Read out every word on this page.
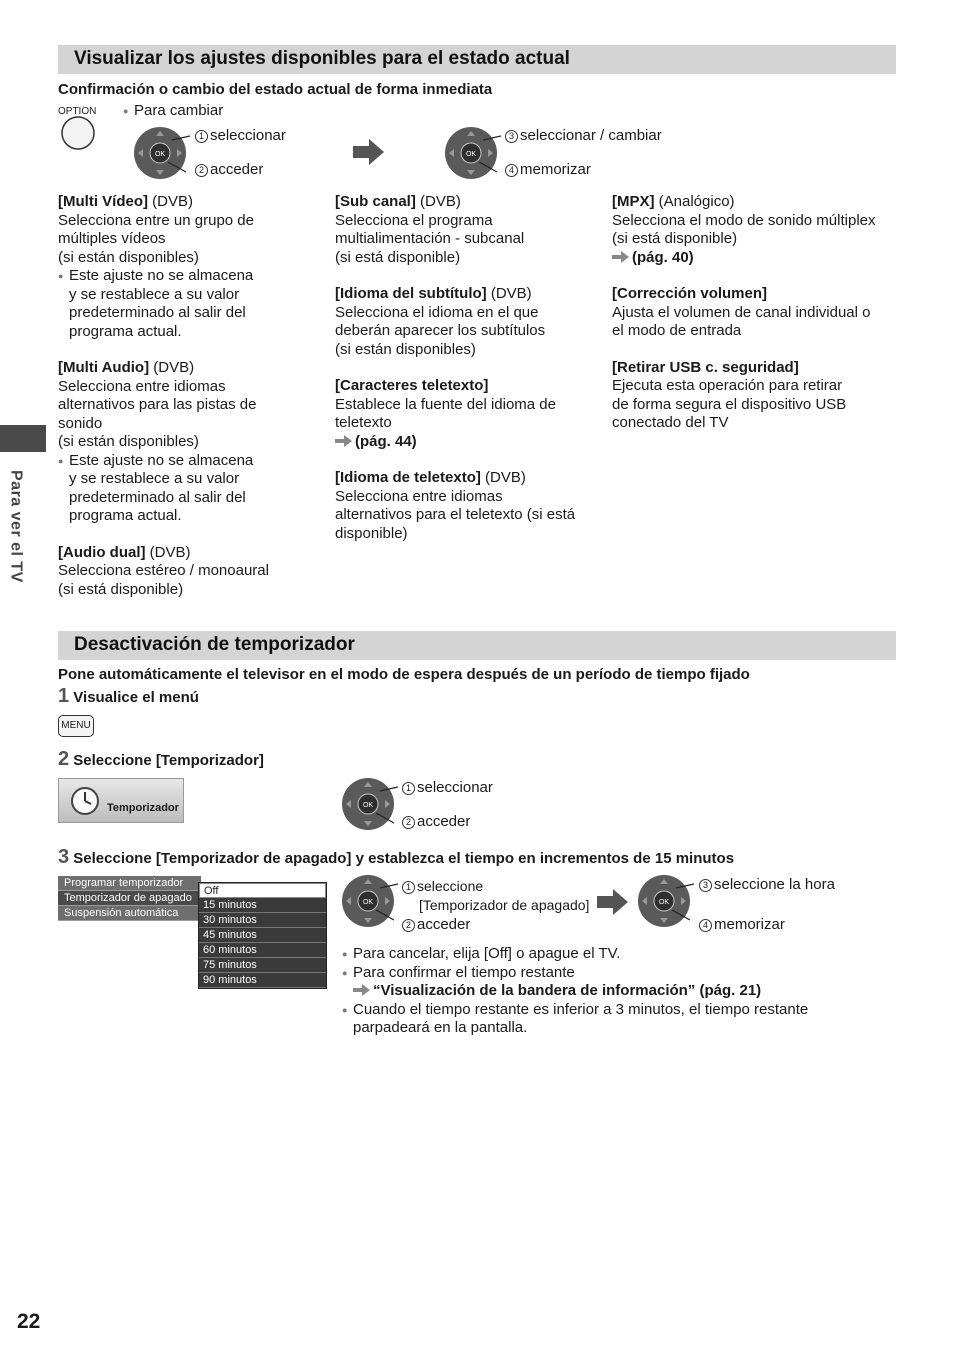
Visualizar los ajustes disponibles para el estado actual
Confirmación o cambio del estado actual de forma inmediata
OPTION
●	Para cambiar
OK
1 seleccionar
2 acceder
OK
3 seleccionar / cambiar
4 memorizar

[Multi Vídeo] (DVB)

Selecciona entre un grupo de

múltiples vídeos

(si están disponibles)

● Este ajuste no se almacena

y se restablece a su valor

predeterminado al salir del

programa actual.

[Multi Audio] (DVB)

Selecciona entre idiomas

alternativos para las pistas de

sonido

(si están disponibles)

● Este ajuste no se almacena

y se restablece a su valor

predeterminado al salir del

programa actual.

[Audio dual] (DVB)

Selecciona estéreo / monoaural

(si está disponible)

[Sub canal] (DVB)

Selecciona el programa

multialimentación - subcanal

(si está disponible)

[Idioma del subtítulo] (DVB)

Selecciona el idioma en el que

deberán aparecer los subtítulos

(si están disponibles)

[Caracteres teletexto]

Establece la fuente del idioma de

teletexto

(pág. 44)

[Idioma de teletexto] (DVB)

Selecciona entre idiomas

alternativos para el teletexto (si está

disponible)

[MPX] (Analógico)

Selecciona el modo de sonido múltiplex

(si está disponible)

(pág. 40)

[Corrección volumen]

Ajusta el volumen de canal individual o

el modo de entrada

[Retirar USB c. seguridad]

Ejecuta esta operación para retirar

de forma segura el dispositivo USB

conectado del TV

Para ver el TV
Desactivación de temporizador
Pone automáticamente el televisor en el modo de espera después de un período de tiempo fijado
1 Visualice el menú
MENU
2 Seleccione [Temporizador]
Temporizador	OK
1 seleccionar
2 acceder
3 Seleccione [Temporizador de apagado] y establezca el tiempo en incrementos de 15 minutos
Programar temporizador
Temporizador de apagado
Suspensión automática
Off
15 minutos
30 minutos
45 minutos
60 minutos
75 minutos
90 minutos
OK
1 seleccione
[Temporizador de apagado]
2 acceder
OK
3 seleccione la hora
4 memorizar
● Para cancelar, elija [Off] o apague el TV.
● Para confirmar el tiempo restante
“Visualización de la bandera de información” (pág. 21)

● Cuando el tiempo restante es inferior a 3 minutos, el tiempo restante

parpadeará en la pantalla.

22
